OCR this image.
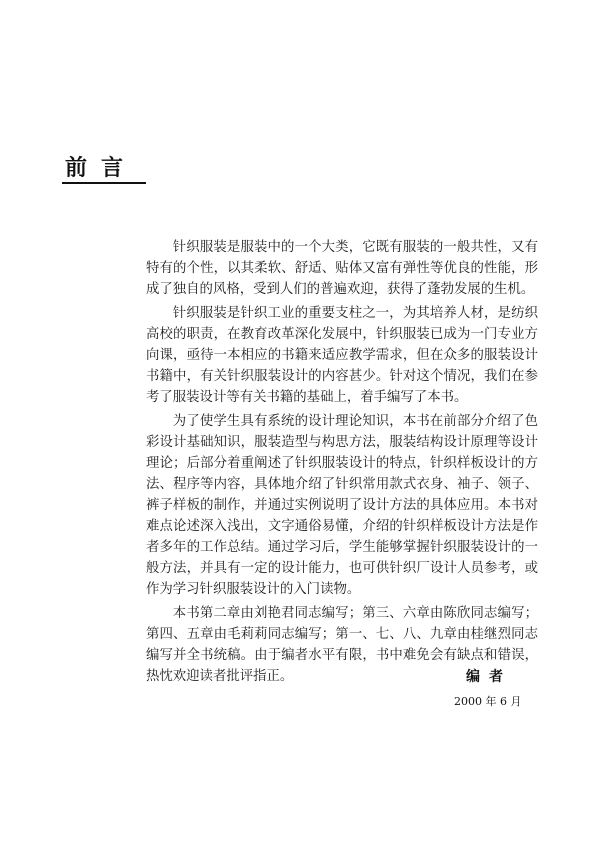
前言

针织服装是服装中的一个大类，它既有服装的一般共性，又有特有的个性，以其柔软、舒适、贴体又富有弹性等优良的性能，形成了独自的风格，受到人们的普遍欢迎，获得了蓬勃发展的生机。

针织服装是针织工业的重要支柱之一，为其培养人材，是纺织高校的职责，在教育改革深化发展中，针织服装已成为一门专业方向课，亟待一本相应的书籍来适应教学需求，但在众多的服装设计书籍中，有关针织服装设计的内容甚少。针对这个情况，我们在参考了服装设计等有关书籍的基础上，着手编写了本书。

为了使学生具有系统的设计理论知识，本书在前部分介绍了色彩设计基础知识，服装造型与构思方法，服装结构设计原理等设计理论；后部分着重阐述了针织服装设计的特点，针织样板设计的方法、程序等内容，具体地介绍了针织常用款式衣身、袖子、领子、裤子样板的制作，并通过实例说明了设计方法的具体应用。本书对难点论述深入浅出，文字通俗易懂，介绍的针织样板设计方法是作者多年的工作总结。通过学习后，学生能够掌握针织服装设计的一般方法，并具有一定的设计能力，也可供针织厂设计人员参考，或作为学习针织服装设计的入门读物。

本书第二章由刘艳君同志编写；第三、六章由陈欣同志编写；第四、五章由毛莉莉同志编写；第一、七、八、九章由桂继烈同志编写并全书统稿。由于编者水平有限，书中难免会有缺点和错误，热忱欢迎读者批评指正。	编者
2000 年 6 月
